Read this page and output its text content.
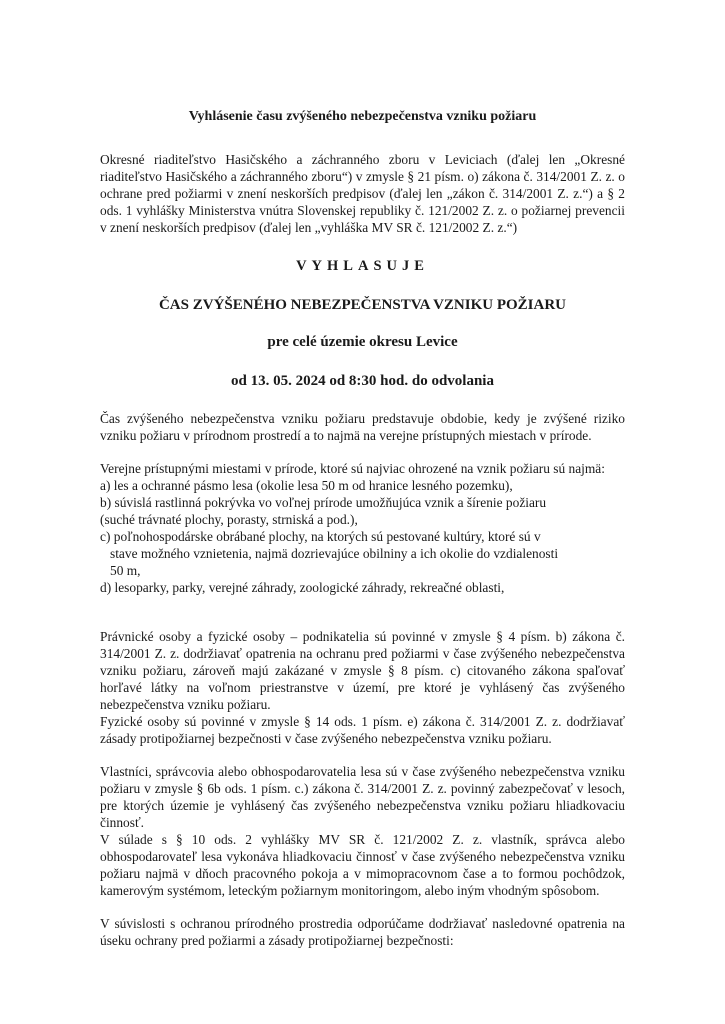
Vyhlásenie času zvýšeného nebezpečenstva vzniku požiaru

Okresné riaditeľstvo Hasičského a záchranného zboru v Leviciach (ďalej len „Okresné riaditeľstvo Hasičského a záchranného zboru“) v zmysle § 21 písm. o) zákona č. 314/2001 Z. z. o ochrane pred požiarmi v znení neskorších predpisov (ďalej len „zákon č. 314/2001 Z. z.“) a § 2 ods. 1 vyhlášky Ministerstva vnútra Slovenskej republiky č. 121/2002 Z. z. o požiarnej prevencii v znení neskorších predpisov (ďalej len „vyhláška MV SR č. 121/2002 Z. z.“)

VYHLASUJE

ČAS ZVÝŠENÉHO NEBEZPEČENSTVA VZNIKU POŽIARU

pre celé územie okresu Levice

od 13. 05. 2024 od 8:30 hod. do odvolania

Čas zvýšeného nebezpečenstva vzniku požiaru predstavuje obdobie, kedy je zvýšené riziko vzniku požiaru v prírodnom prostredí a to najmä na verejne prístupných miestach v prírode.

Verejne prístupnými miestami v prírode, ktoré sú najviac ohrozené na vznik požiaru sú najmä:
a) les a ochranné pásmo lesa (okolie lesa 50 m od hranice lesného pozemku),
b) súvislá rastlinná pokrývka vo voľnej prírode umožňujúca vznik a šírenie požiaru
(suché trávnaté plochy, porasty, strniská a pod.),
c) poľnohospodárske obrábané plochy, na ktorých sú pestované kultúry, ktoré sú v
stave možného vznietenia, najmä dozrievajúce obilniny a ich okolie do vzdialenosti
50 m,
d) lesoparky, parky, verejné záhrady, zoologické záhrady, rekreačné oblasti,
Právnické osoby a fyzické osoby – podnikatelia sú povinné v zmysle § 4 písm. b) zákona č. 314/2001 Z. z. dodržiavať opatrenia na ochranu pred požiarmi v čase zvýšeného nebezpečenstva vzniku požiaru, zároveň majú zakázané v zmysle § 8 písm. c) citovaného zákona spaľovať horľavé látky na voľnom priestranstve v území, pre ktoré je vyhlásený čas zvýšeného nebezpečenstva vzniku požiaru.
Fyzické osoby sú povinné v zmysle § 14 ods. 1 písm. e) zákona č. 314/2001 Z. z. dodržiavať zásady protipožiarnej bezpečnosti v čase zvýšeného nebezpečenstva vzniku požiaru.
Vlastníci, správcovia alebo obhospodarovatelia lesa sú v čase zvýšeného nebezpečenstva vzniku požiaru v zmysle § 6b ods. 1 písm. c.) zákona č. 314/2001 Z. z. povinný zabezpečovať v lesoch, pre ktorých územie je vyhlásený čas zvýšeného nebezpečenstva vzniku požiaru hliadkovaciu činnosť.
V súlade s § 10 ods. 2 vyhlášky MV SR č. 121/2002 Z. z. vlastník, správca alebo obhospodarovateľ lesa vykonáva hliadkovaciu činnosť v čase zvýšeného nebezpečenstva vzniku požiaru najmä v dňoch pracovného pokoja a v mimopracovnom čase a to formou pochôdzok, kamerovým systémom, leteckým požiarnym monitoringom, alebo iným vhodným spôsobom.

V súvislosti s ochranou prírodného prostredia odporúčame dodržiavať nasledovné opatrenia na úseku ochrany pred požiarmi a zásady protipožiarnej bezpečnosti:
